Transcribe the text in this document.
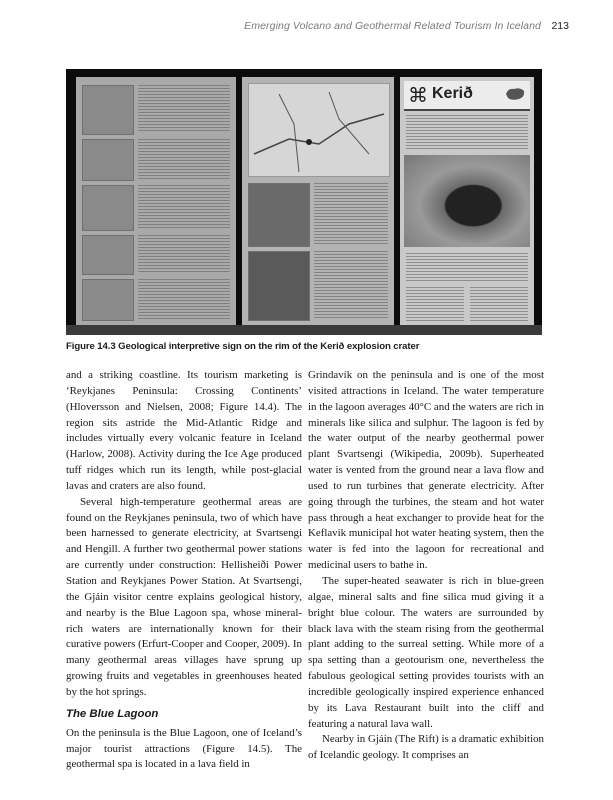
Emerging Volcano and Geothermal Related Tourism In Iceland 213
⌘ Kerið
Figure 14.3 Geological interpretive sign on the rim of the Kerið explosion crater

and a striking coastline. Its tourism marketing is ‘Reykjanes Peninsula: Crossing Continents’ (Hloversson and Nielsen, 2008; Figure 14.4). The region sits astride the Mid-Atlantic Ridge and includes virtually every volcanic feature in Iceland (Harlow, 2008). Activity during the Ice Age produced tuff ridges which run its length, while post-glacial lavas and craters are also found.

Several high-temperature geothermal areas are found on the Reykjanes peninsula, two of which have been harnessed to generate electricity, at Svartsengi and Hengill. A further two geothermal power stations are currently under construction: Hellisheiði Power Station and Reykjanes Power Station. At Svartsengi, the Gjáin visitor centre explains geological history, and nearby is the Blue Lagoon spa, whose mineral-rich waters are internationally known for their curative powers (Erfurt-Cooper and Cooper, 2009). In many geothermal areas villages have sprung up growing fruits and vegetables in greenhouses heated by the hot springs.

The Blue Lagoon

On the peninsula is the Blue Lagoon, one of Iceland’s major tourist attractions (Figure 14.5). The geothermal spa is located in a lava field in

Grindavík on the peninsula and is one of the most visited attractions in Iceland. The water temperature in the lagoon averages 40°C and the waters are rich in minerals like silica and sulphur. The lagoon is fed by the water output of the nearby geothermal power plant Svartsengi (Wikipedia, 2009b). Superheated water is vented from the ground near a lava flow and used to run turbines that generate electricity. After going through the turbines, the steam and hot water pass through a heat exchanger to provide heat for the Keflavik municipal hot water heating system, then the water is fed into the lagoon for recreational and medicinal users to bathe in.

The super-heated seawater is rich in blue-green algae, mineral salts and fine silica mud giving it a bright blue colour. The waters are surrounded by black lava with the steam rising from the geothermal plant adding to the surreal setting. While more of a spa setting than a geotourism one, nevertheless the fabulous geological setting provides tourists with an incredible geologically inspired experience enhanced by its Lava Restaurant built into the cliff and featuring a natural lava wall.

Nearby in Gjáin (The Rift) is a dramatic exhibition of Icelandic geology. It comprises an
